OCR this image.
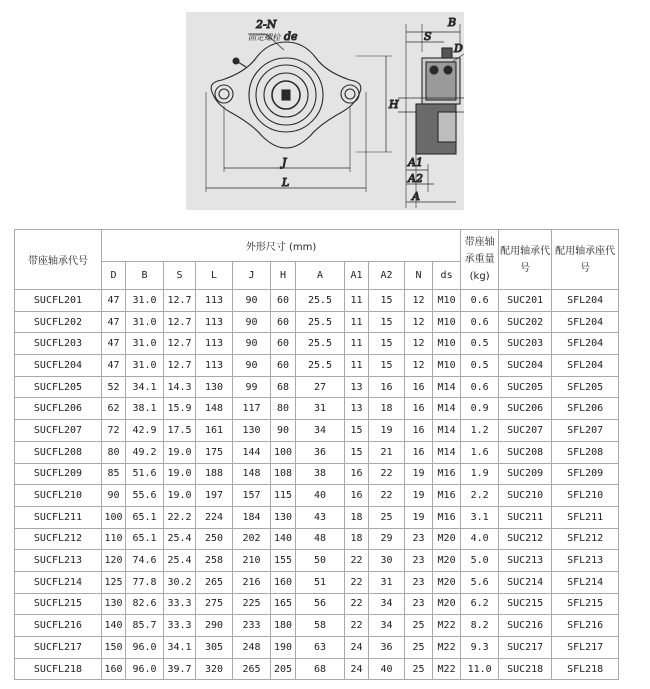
2-N
固定螺栓 de
H
J
L
B
S
D
A1
A2
A
带座轴承代号	外形尺寸 (mm)											带座轴承重量(kg)	配用轴承代号	配用轴承座代号
	D	B	S	L	J	H	A	A1	A2	N	ds			
SUCFL201	47	31.0	12.7	113	90	60	25.5	11	15	12	M10	0.6	SUC201	SFL204
SUCFL202	47	31.0	12.7	113	90	60	25.5	11	15	12	M10	0.6	SUC202	SFL204
SUCFL203	47	31.0	12.7	113	90	60	25.5	11	15	12	M10	0.5	SUC203	SFL204
SUCFL204	47	31.0	12.7	113	90	60	25.5	11	15	12	M10	0.5	SUC204	SFL204
SUCFL205	52	34.1	14.3	130	99	68	27	13	16	16	M14	0.6	SUC205	SFL205
SUCFL206	62	38.1	15.9	148	117	80	31	13	18	16	M14	0.9	SUC206	SFL206
SUCFL207	72	42.9	17.5	161	130	90	34	15	19	16	M14	1.2	SUC207	SFL207
SUCFL208	80	49.2	19.0	175	144	100	36	15	21	16	M14	1.6	SUC208	SFL208
SUCFL209	85	51.6	19.0	188	148	108	38	16	22	19	M16	1.9	SUC209	SFL209
SUCFL210	90	55.6	19.0	197	157	115	40	16	22	19	M16	2.2	SUC210	SFL210
SUCFL211	100	65.1	22.2	224	184	130	43	18	25	19	M16	3.1	SUC211	SFL211
SUCFL212	110	65.1	25.4	250	202	140	48	18	29	23	M20	4.0	SUC212	SFL212
SUCFL213	120	74.6	25.4	258	210	155	50	22	30	23	M20	5.0	SUC213	SFL213
SUCFL214	125	77.8	30.2	265	216	160	51	22	31	23	M20	5.6	SUC214	SFL214
SUCFL215	130	82.6	33.3	275	225	165	56	22	34	23	M20	6.2	SUC215	SFL215
SUCFL216	140	85.7	33.3	290	233	180	58	22	34	25	M22	8.2	SUC216	SFL216
SUCFL217	150	96.0	34.1	305	248	190	63	24	36	25	M22	9.3	SUC217	SFL217
SUCFL218	160	96.0	39.7	320	265	205	68	24	40	25	M22	11.0	SUC218	SFL218
